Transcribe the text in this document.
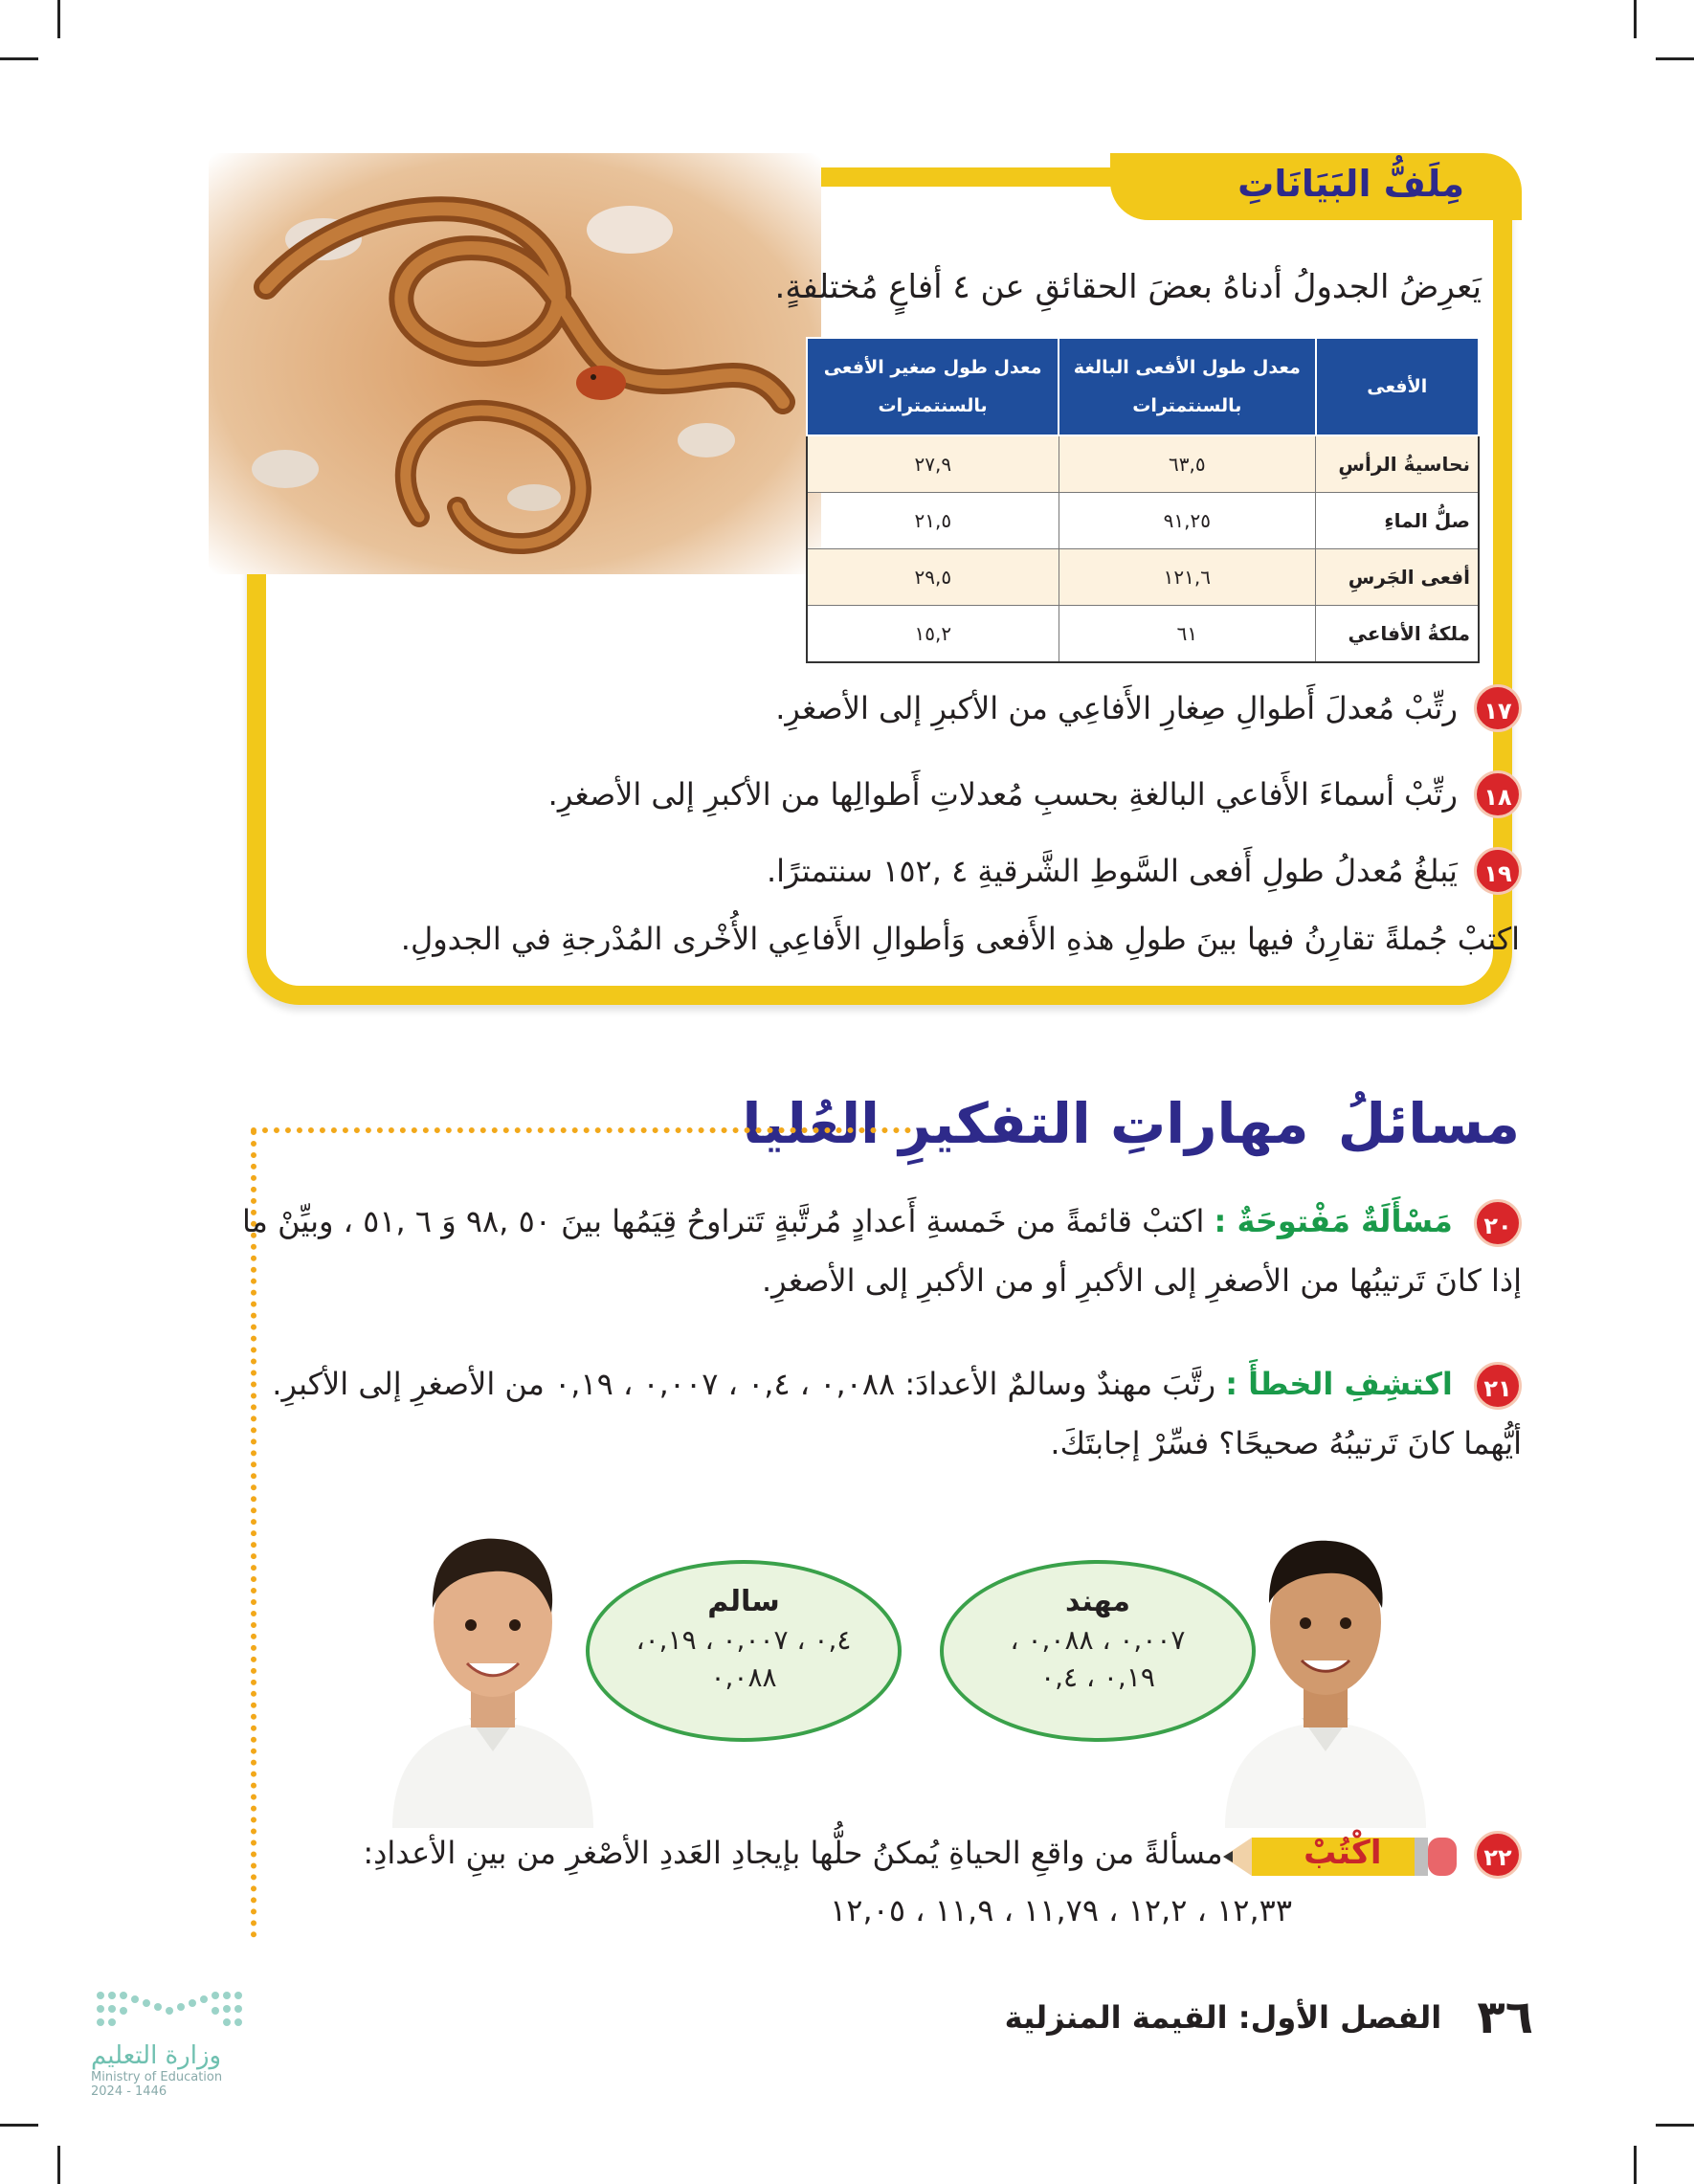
مِلَفُّ البَيَانَاتِ
يَعرِضُ الجدولُ أدناهُ بعضَ الحقائقِ عن ٤ أفاعٍ مُختلفةٍ.
الأفعى	معدل طول الأفعى البالغة بالسنتمترات	معدل طول صغير الأفعى بالسنتمترات
نحاسيةُ الرأسِ	٦٣,٥	٢٧,٩
صلُّ الماءِ	٩١,٢٥	٢١,٥
أفعى الجَرسِ	١٢١,٦	٢٩,٥
ملكةُ الأفاعي	٦١	١٥,٢
١٧ رتِّبْ مُعدلَ أَطوالِ صِغارِ الأَفاعِي من الأكبرِ إلى الأصغرِ.
١٨ رتِّبْ أسماءَ الأَفاعي البالغةِ بحسبِ مُعدلاتِ أَطوالِها من الأكبرِ إلى الأصغرِ.
١٩ يَبلغُ مُعدلُ طولِ أَفعى السَّوطِ الشَّرقيةِ ٤ ,١٥٢ سنتمترًا.
اكتبْ جُملةً تقارِنُ فيها بينَ طولِ هذهِ الأَفعى وَأطوالِ الأَفاعِي الأُخْرى المُدْرجةِ في الجدولِ.
مسائلُ مهاراتِ التفكيرِ العُليا
٢٠ مَسْأَلَةٌ مَفْتوحَةٌ : اكتبْ قائمةً من خَمسةِ أَعدادٍ مُرتَّبةٍ تَتراوحُ قِيَمُها بينَ ٥٠ ,٩٨ وَ ٦ ,٥١ ، وبيِّنْ ما إذا كانَ تَرتيبُها من الأصغرِ إلى الأكبرِ أو من الأكبرِ إلى الأصغرِ.
٢١ اكتشِفِ الخطأَ : رتَّبَ مهندٌ وسالمٌ الأعدادَ: ٠,٠٨٨ ، ٠,٤ ، ٠,٠٠٧ ، ٠,١٩ من الأصغرِ إلى الأكبرِ. أيُّهما كانَ تَرتيبُهُ صحيحًا؟ فسِّرْ إجابتَكَ.
سالم
٠,٤ ، ٠,٠٠٧ ، ٠,١٩،
٠,٠٨٨
مهند
٠,٠٠٧ ، ٠,٠٨٨ ،
٠,١٩ ، ٠,٤
٢٢ اكْتُبْ مسألةً من واقعِ الحياةِ يُمكنُ حلُّها بإيجادِ العَددِ الأصْغرِ من بينِ الأعدادِ:
١٢,٣٣ ، ١٢,٢ ، ١١,٧٩ ، ١١,٩ ، ١٢,٠٥
٣٦ الفصل الأول: القيمة المنزلية
وزارة التعليم
Ministry of Education
2024 - 1446
